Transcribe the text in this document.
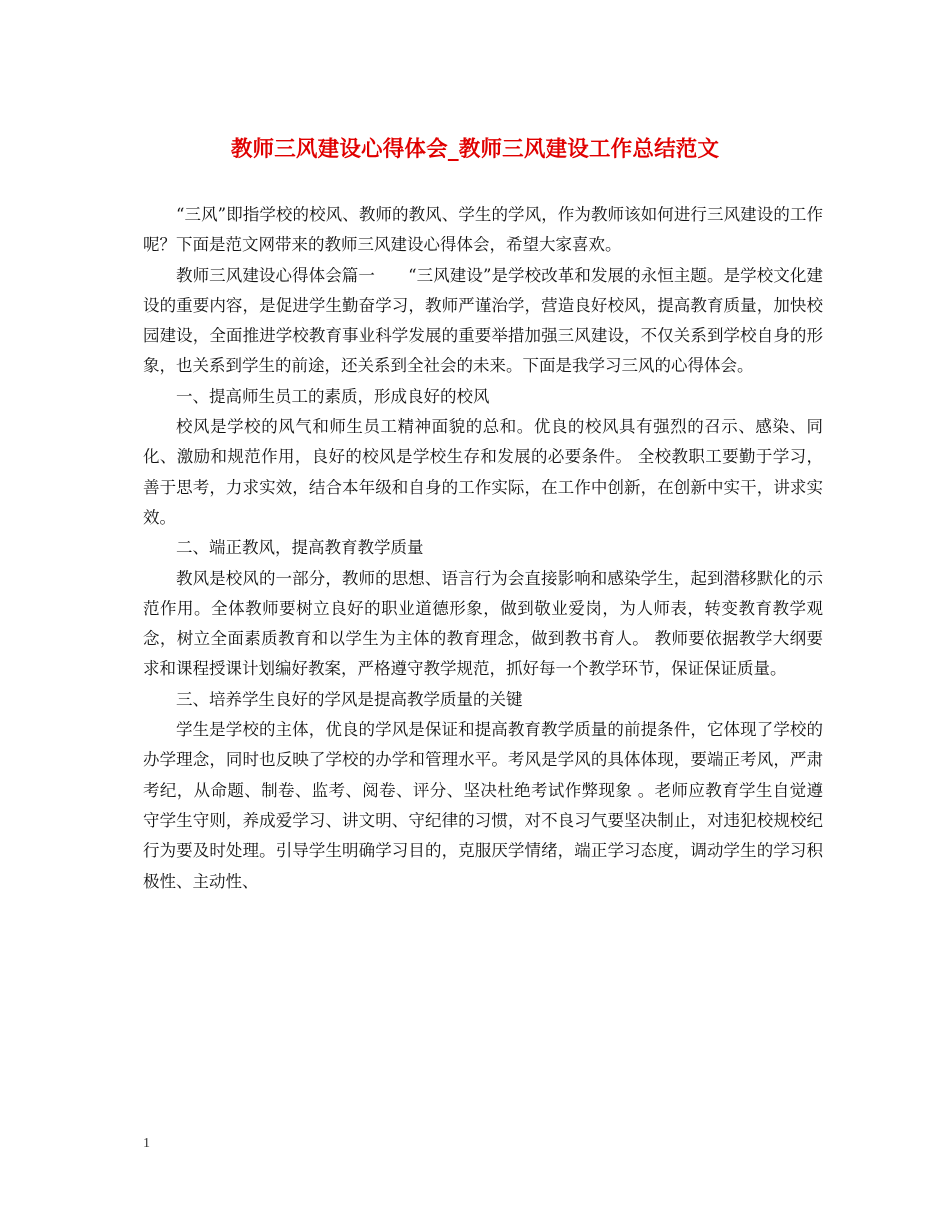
教师三风建设心得体会_教师三风建设工作总结范文

“三风”即指学校的校风、教师的教风、学生的学风，作为教师该如何进行三风建设的工作呢？下面是范文网带来的教师三风建设心得体会，希望大家喜欢。

教师三风建设心得体会篇一　　“三风建设”是学校改革和发展的永恒主题。是学校文化建设的重要内容，是促进学生勤奋学习，教师严谨治学，营造良好校风，提高教育质量，加快校园建设，全面推进学校教育事业科学发展的重要举措加强三风建设，不仅关系到学校自身的形象，也关系到学生的前途，还关系到全社会的未来。下面是我学习三风的心得体会。

一、提高师生员工的素质，形成良好的校风

校风是学校的风气和师生员工精神面貌的总和。优良的校风具有强烈的召示、感染、同化、激励和规范作用，良好的校风是学校生存和发展的必要条件。 全校教职工要勤于学习，善于思考，力求实效，结合本年级和自身的工作实际，在工作中创新，在创新中实干，讲求实效。

二、端正教风，提高教育教学质量

教风是校风的一部分，教师的思想、语言行为会直接影响和感染学生，起到潜移默化的示范作用。全体教师要树立良好的职业道德形象，做到敬业爱岗，为人师表，转变教育教学观念，树立全面素质教育和以学生为主体的教育理念，做到教书育人。 教师要依据教学大纲要求和课程授课计划编好教案，严格遵守教学规范，抓好每一个教学环节，保证保证质量。

三、培养学生良好的学风是提高教学质量的关键

学生是学校的主体，优良的学风是保证和提高教育教学质量的前提条件，它体现了学校的办学理念，同时也反映了学校的办学和管理水平。考风是学风的具体体现，要端正考风，严肃考纪，从命题、制卷、监考、阅卷、评分、坚决杜绝考试作弊现象 。老师应教育学生自觉遵守学生守则，养成爱学习、讲文明、守纪律的习惯，对不良习气要坚决制止，对违犯校规校纪行为要及时处理。引导学生明确学习目的，克服厌学情绪，端正学习态度，调动学生的学习积极性、主动性、

1
